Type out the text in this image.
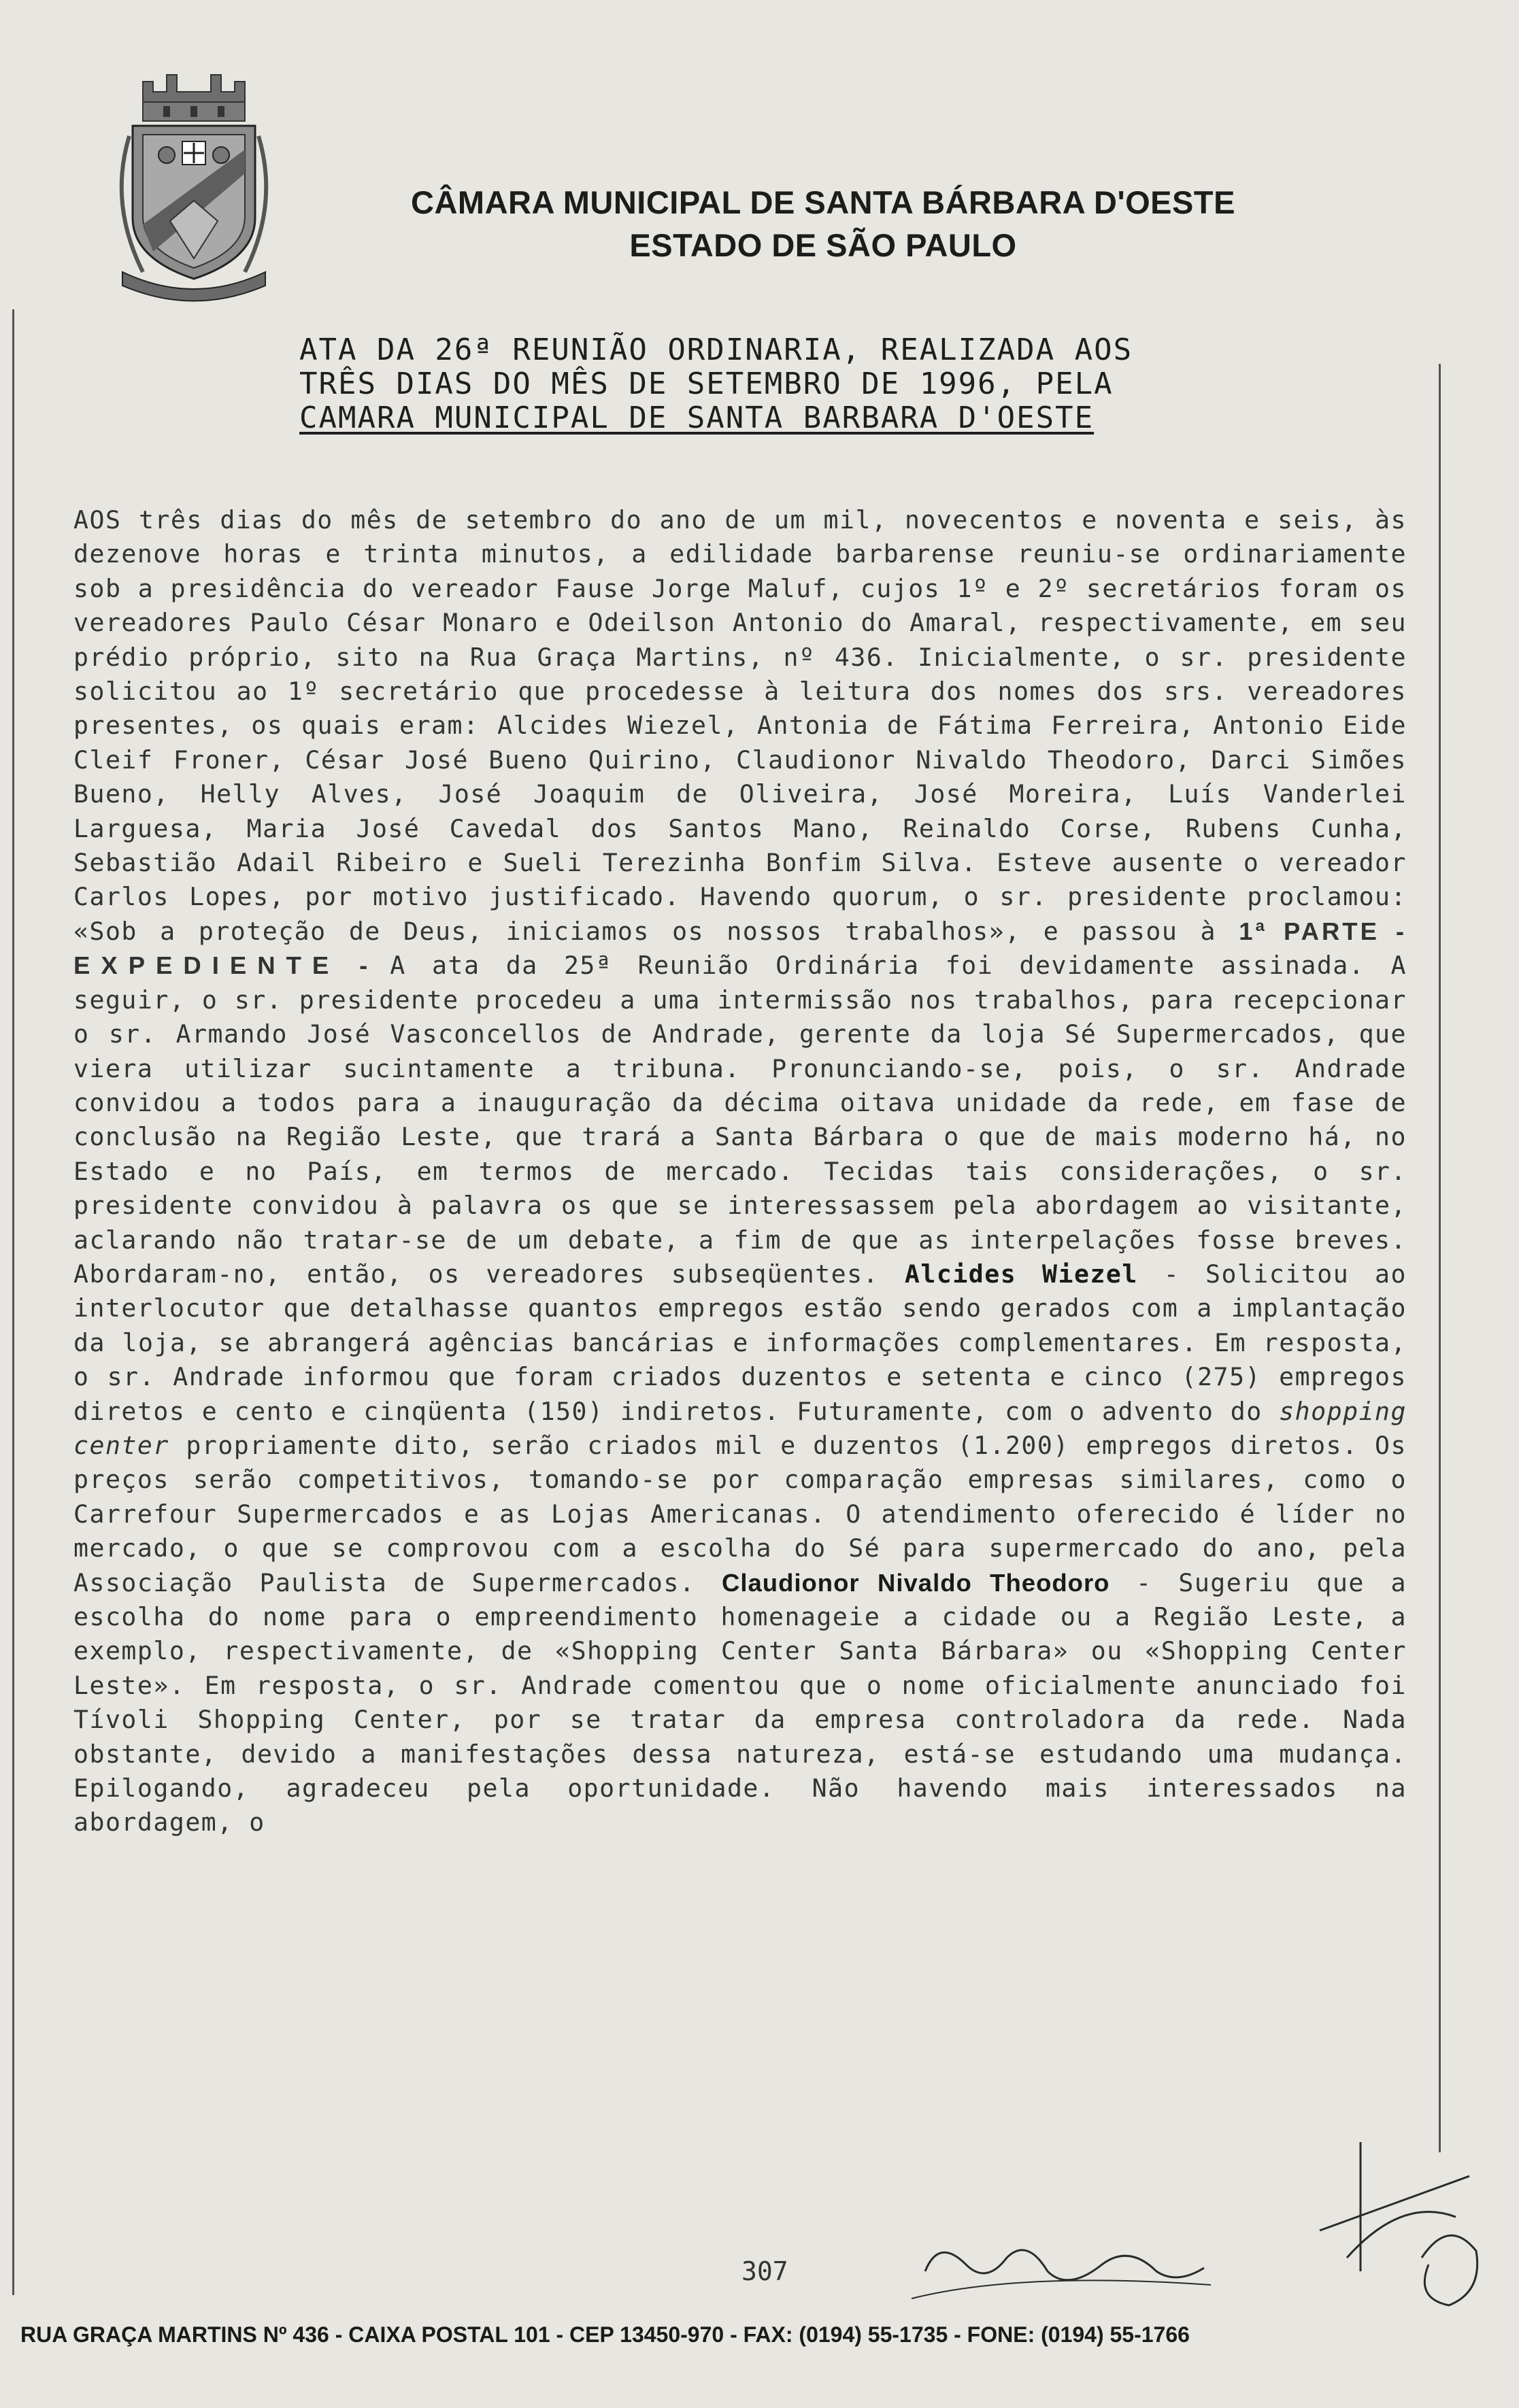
CÂMARA MUNICIPAL DE SANTA BÁRBARA D'OESTE
ESTADO DE SÃO PAULO
ATA DA 26ª REUNIÃO ORDINARIA, REALIZADA AOS
TRÊS DIAS DO MÊS DE SETEMBRO DE 1996, PELA
CAMARA MUNICIPAL DE SANTA BARBARA D'OESTE
AOS três dias do mês de setembro do ano de um mil, novecentos e noventa e seis, às dezenove horas e trinta minutos, a edilidade barbarense reuniu-se ordinariamente sob a presidência do vereador Fause Jorge Maluf, cujos 1º e 2º secretários foram os vereadores Paulo César Monaro e Odeilson Antonio do Amaral, respectivamente, em seu prédio próprio, sito na Rua Graça Martins, nº 436. Inicialmente, o sr. presidente solicitou ao 1º secretário que procedesse à leitura dos nomes dos srs. vereadores presentes, os quais eram: Alcides Wiezel, Antonia de Fátima Ferreira, Antonio Eide Cleif Froner, César José Bueno Quirino, Claudionor Nivaldo Theodoro, Darci Simões Bueno, Helly Alves, José Joaquim de Oliveira, José Moreira, Luís Vanderlei Larguesa, Maria José Cavedal dos Santos Mano, Reinaldo Corse, Rubens Cunha, Sebastião Adail Ribeiro e Sueli Terezinha Bonfim Silva. Esteve ausente o vereador Carlos Lopes, por motivo justificado. Havendo quorum, o sr. presidente proclamou: «Sob a proteção de Deus, iniciamos os nossos trabalhos», e passou à 1ª PARTE - EXPEDIENTE - A ata da 25ª Reunião Ordinária foi devidamente assinada. A seguir, o sr. presidente procedeu a uma intermissão nos trabalhos, para recepcionar o sr. Armando José Vasconcellos de Andrade, gerente da loja Sé Supermercados, que viera utilizar sucintamente a tribuna. Pronunciando-se, pois, o sr. Andrade convidou a todos para a inauguração da décima oitava unidade da rede, em fase de conclusão na Região Leste, que trará a Santa Bárbara o que de mais moderno há, no Estado e no País, em termos de mercado. Tecidas tais considerações, o sr. presidente convidou à palavra os que se interessassem pela abordagem ao visitante, aclarando não tratar-se de um debate, a fim de que as interpelações fosse breves. Abordaram-no, então, os vereadores subseqüentes. Alcides Wiezel - Solicitou ao interlocutor que detalhasse quantos empregos estão sendo gerados com a implantação da loja, se abrangerá agências bancárias e informações complementares. Em resposta, o sr. Andrade informou que foram criados duzentos e setenta e cinco (275) empregos diretos e cento e cinqüenta (150) indiretos. Futuramente, com o advento do shopping center propriamente dito, serão criados mil e duzentos (1.200) empregos diretos. Os preços serão competitivos, tomando-se por comparação empresas similares, como o Carrefour Supermercados e as Lojas Americanas. O atendimento oferecido é líder no mercado, o que se comprovou com a escolha do Sé para supermercado do ano, pela Associação Paulista de Supermercados. Claudionor Nivaldo Theodoro - Sugeriu que a escolha do nome para o empreendimento homenageie a cidade ou a Região Leste, a exemplo, respectivamente, de «Shopping Center Santa Bárbara» ou «Shopping Center Leste». Em resposta, o sr. Andrade comentou que o nome oficialmente anunciado foi Tívoli Shopping Center, por se tratar da empresa controladora da rede. Nada obstante, devido a manifestações dessa natureza, está-se estudando uma mudança. Epilogando, agradeceu pela oportunidade. Não havendo mais interessados na abordagem, o
307
RUA GRAÇA MARTINS Nº 436 - CAIXA POSTAL 101 - CEP 13450-970 - FAX: (0194) 55-1735 - FONE: (0194) 55-1766
